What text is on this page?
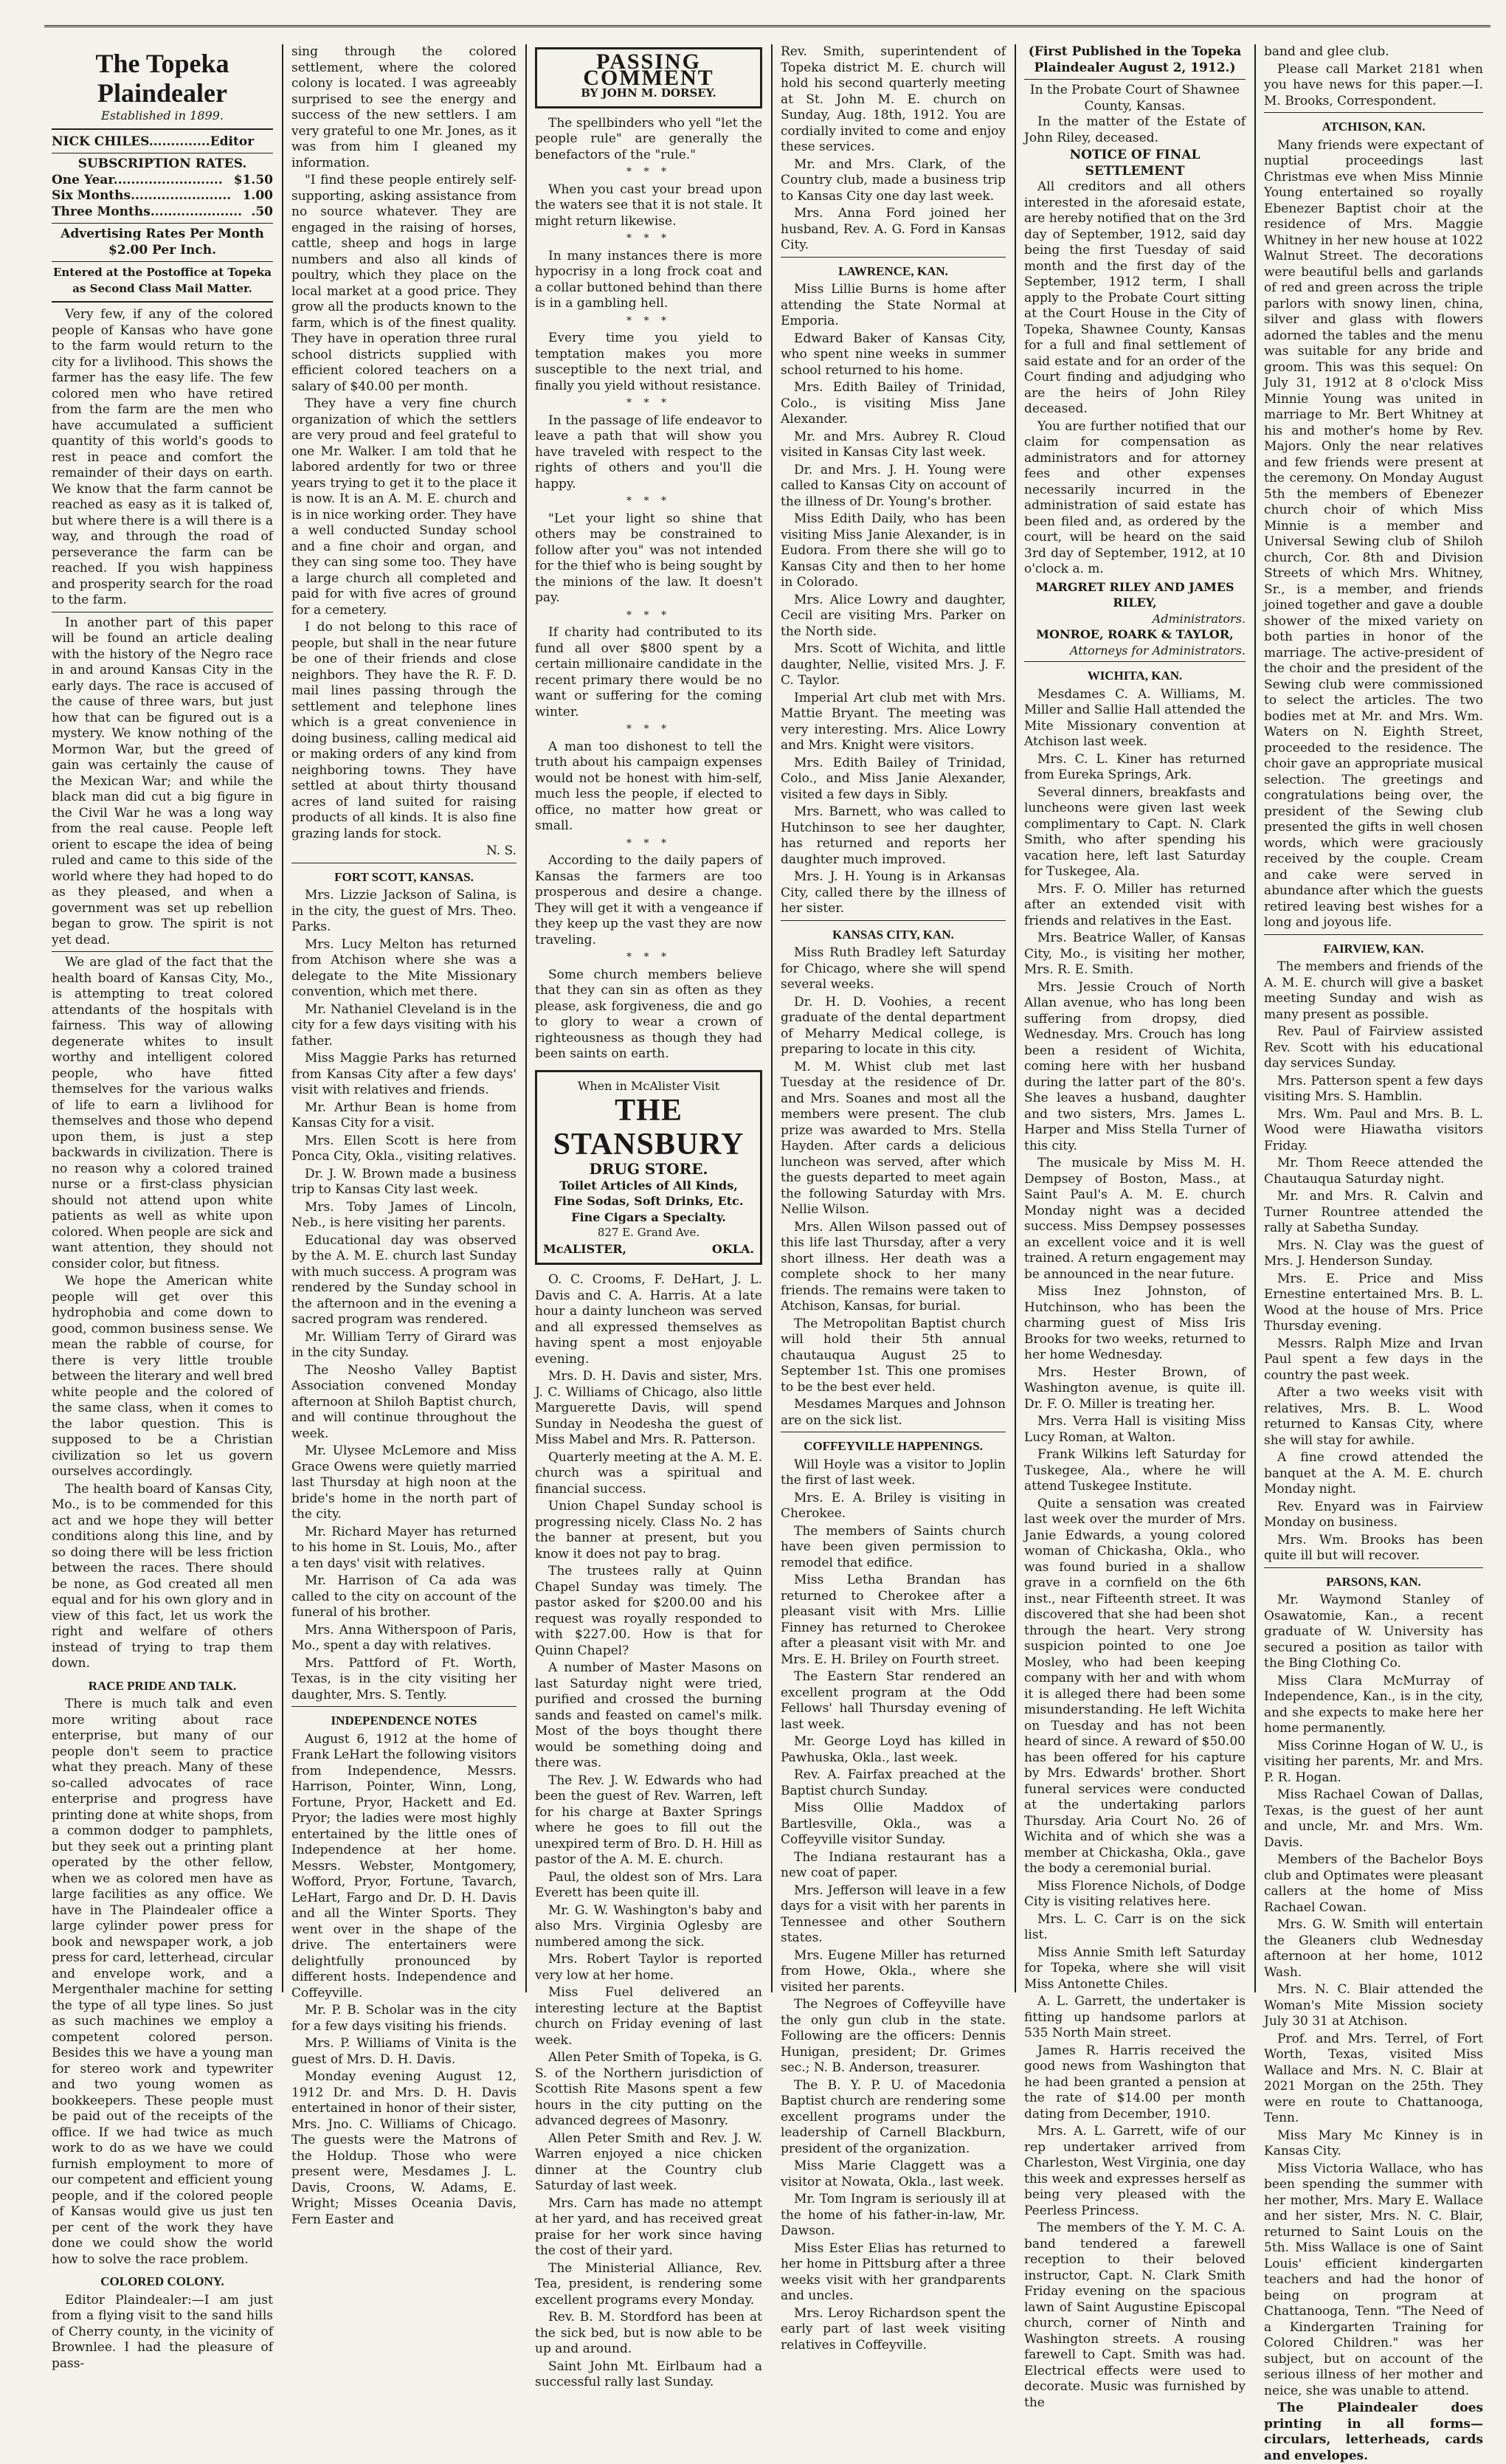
The Topeka Plaindealer
Established in 1899.
NICK CHILES..............Editor
SUBSCRIPTION RATES.
One Year......................... $1.50
Six Months....................... 1.00
Three Months..................... .50
Advertising Rates Per Month $2.00 Per Inch.
Entered at the Postoffice at Topeka as Second Class Mail Matter.

Very few, if any of the colored people of Kansas who have gone to the farm would return to the city for a livlihood. This shows the farmer has the easy life. The few colored men who have retired from the farm are the men who have accumulated a sufficient quantity of this world's goods to rest in peace and comfort the remainder of their days on earth. We know that the farm cannot be reached as easy as it is talked of, but where there is a will there is a way, and through the road of perseverance the farm can be reached. If you wish happiness and prosperity search for the road to the farm.

In another part of this paper will be found an article dealing with the history of the Negro race in and around Kansas City in the early days. The race is accused of the cause of three wars, but just how that can be figured out is a mystery. We know nothing of the Mormon War, but the greed of gain was certainly the cause of the Mexican War; and while the black man did cut a big figure in the Civil War he was a long way from the real cause. People left orient to escape the idea of being ruled and came to this side of the world where they had hoped to do as they pleased, and when a government was set up rebellion began to grow. The spirit is not yet dead.

We are glad of the fact that the health board of Kansas City, Mo., is attempting to treat colored attendants of the hospitals with fairness. This way of allowing degenerate whites to insult worthy and intelligent colored people, who have fitted themselves for the various walks of life to earn a livlihood for themselves and those who depend upon them, is just a step backwards in civilization. There is no reason why a colored trained nurse or a first-class physician should not attend upon white patients as well as white upon colored. When people are sick and want attention, they should not consider color, but fitness.

We hope the American white people will get over this hydrophobia and come down to good, common business sense. We mean the rabble of course, for there is very little trouble between the literary and well bred white people and the colored of the same class, when it comes to the labor question. This is supposed to be a Christian civilization so let us govern ourselves accordingly.

The health board of Kansas City, Mo., is to be commended for this act and we hope they will better conditions along this line, and by so doing there will be less friction between the races. There should be none, as God created all men equal and for his own glory and in view of this fact, let us work the right and welfare of others instead of trying to trap them down.

RACE PRIDE AND TALK.

There is much talk and even more writing about race enterprise, but many of our people don't seem to practice what they preach. Many of these so-called advocates of race enterprise and progress have printing done at white shops, from a common dodger to pamphlets, but they seek out a printing plant operated by the other fellow, when we as colored men have as large facilities as any office. We have in The Plaindealer office a large cylinder power press for book and newspaper work, a job press for card, letterhead, circular and envelope work, and a Mergenthaler machine for setting the type of all type lines. So just as such machines we employ a competent colored person. Besides this we have a young man for stereo work and typewriter and two young women as bookkeepers. These people must be paid out of the receipts of the office. If we had twice as much work to do as we have we could furnish employment to more of our competent and efficient young people, and if the colored people of Kansas would give us just ten per cent of the work they have done we could show the world how to solve the race problem.

COLORED COLONY.

Editor Plaindealer:—I am just from a flying visit to the sand hills of Cherry county, in the vicinity of Brownlee. I had the pleasure of pass-

sing through the colored settlement, where the colored colony is located. I was agreeably surprised to see the energy and success of the new settlers. I am very grateful to one Mr. Jones, as it was from him I gleaned my information.

"I find these people entirely self-supporting, asking assistance from no source whatever. They are engaged in the raising of horses, cattle, sheep and hogs in large numbers and also all kinds of poultry, which they place on the local market at a good price. They grow all the products known to the farm, which is of the finest quality. They have in operation three rural school districts supplied with efficient colored teachers on a salary of $40.00 per month.

They have a very fine church organization of which the settlers are very proud and feel grateful to one Mr. Walker. I am told that he labored ardently for two or three years trying to get it to the place it is now. It is an A. M. E. church and is in nice working order. They have a well conducted Sunday school and a fine choir and organ, and they can sing some too. They have a large church all completed and paid for with five acres of ground for a cemetery.

I do not belong to this race of people, but shall in the near future be one of their friends and close neighbors. They have the R. F. D. mail lines passing through the settlement and telephone lines which is a great convenience in doing business, calling medical aid or making orders of any kind from neighboring towns. They have settled at about thirty thousand acres of land suited for raising products of all kinds. It is also fine grazing lands for stock.

N. S.
FORT SCOTT, KANSAS.

Mrs. Lizzie Jackson of Salina, is in the city, the guest of Mrs. Theo. Parks.

Mrs. Lucy Melton has returned from Atchison where she was a delegate to the Mite Missionary convention, which met there.

Mr. Nathaniel Cleveland is in the city for a few days visiting with his father.

Miss Maggie Parks has returned from Kansas City after a few days' visit with relatives and friends.

Mr. Arthur Bean is home from Kansas City for a visit.

Mrs. Ellen Scott is here from Ponca City, Okla., visiting relatives.

Dr. J. W. Brown made a business trip to Kansas City last week.

Mrs. Toby James of Lincoln, Neb., is here visiting her parents.

Educational day was observed by the A. M. E. church last Sunday with much success. A program was rendered by the Sunday school in the afternoon and in the evening a sacred program was rendered.

Mr. William Terry of Girard was in the city Sunday.

The Neosho Valley Baptist Association convened Monday afternoon at Shiloh Baptist church, and will continue throughout the week.

Mr. Ulysee McLemore and Miss Grace Owens were quietly married last Thursday at high noon at the bride's home in the north part of the city.

Mr. Richard Mayer has returned to his home in St. Louis, Mo., after a ten days' visit with relatives.

Mr. Harrison of Ca ada was called to the city on account of the funeral of his brother.

Mrs. Anna Witherspoon of Paris, Mo., spent a day with relatives.

Mrs. Pattford of Ft. Worth, Texas, is in the city visiting her daughter, Mrs. S. Tently.

INDEPENDENCE NOTES

August 6, 1912 at the home of Frank LeHart the following visitors from Independence, Messrs. Harrison, Pointer, Winn, Long, Fortune, Pryor, Hackett and Ed. Pryor; the ladies were most highly entertained by the little ones of Independence at her home. Messrs. Webster, Montgomery, Wofford, Pryor, Fortune, Tavarch, LeHart, Fargo and Dr. D. H. Davis and all the Winter Sports. They went over in the shape of the drive. The entertainers were delightfully pronounced by different hosts. Independence and Coffeyville.

Mr. P. B. Scholar was in the city for a few days visiting his friends.

Mrs. P. Williams of Vinita is the guest of Mrs. D. H. Davis.

Monday evening August 12, 1912 Dr. and Mrs. D. H. Davis entertained in honor of their sister, Mrs. Jno. C. Williams of Chicago. The guests were the Matrons of the Holdup. Those who were present were, Mesdames J. L. Davis, Croons, W. Adams, E. Wright; Misses Oceania Davis, Fern Easter and

PASSING COMMENT
BY JOHN M. DORSEY.

The spellbinders who yell "let the people rule" are generally the benefactors of the "rule."

* * *

When you cast your bread upon the waters see that it is not stale. It might return likewise.

* * *

In many instances there is more hypocrisy in a long frock coat and a collar buttoned behind than there is in a gambling hell.

* * *

Every time you yield to temptation makes you more susceptible to the next trial, and finally you yield without resistance.

* * *

In the passage of life endeavor to leave a path that will show you have traveled with respect to the rights of others and you'll die happy.

* * *

"Let your light so shine that others may be constrained to follow after you" was not intended for the thief who is being sought by the minions of the law. It doesn't pay.

* * *

If charity had contributed to its fund all over $800 spent by a certain millionaire candidate in the recent primary there would be no want or suffering for the coming winter.

* * *

A man too dishonest to tell the truth about his campaign expenses would not be honest with him-self, much less the people, if elected to office, no matter how great or small.

* * *

According to the daily papers of Kansas the farmers are too prosperous and desire a change. They will get it with a vengeance if they keep up the vast they are now traveling.

* * *

Some church members believe that they can sin as often as they please, ask forgiveness, die and go to glory to wear a crown of righteousness as though they had been saints on earth.

When in McAlister Visit
THE STANSBURY
DRUG STORE.
Toilet Articles of All Kinds, Fine Sodas, Soft Drinks, Etc. Fine Cigars a Specialty.
827 E. Grand Ave.
McALISTER,	OKLA.

O. C. Crooms, F. DeHart, J. L. Davis and C. A. Harris. At a late hour a dainty luncheon was served and all expressed themselves as having spent a most enjoyable evening.

Mrs. D. H. Davis and sister, Mrs. J. C. Williams of Chicago, also little Marguerette Davis, will spend Sunday in Neodesha the guest of Miss Mabel and Mrs. R. Patterson.

Quarterly meeting at the A. M. E. church was a spiritual and financial success.

Union Chapel Sunday school is progressing nicely. Class No. 2 has the banner at present, but you know it does not pay to brag.

The trustees rally at Quinn Chapel Sunday was timely. The pastor asked for $200.00 and his request was royally responded to with $227.00. How is that for Quinn Chapel?

A number of Master Masons on last Saturday night were tried, purified and crossed the burning sands and feasted on camel's milk. Most of the boys thought there would be something doing and there was.

The Rev. J. W. Edwards who had been the guest of Rev. Warren, left for his charge at Baxter Springs where he goes to fill out the unexpired term of Bro. D. H. Hill as pastor of the A. M. E. church.

Paul, the oldest son of Mrs. Lara Everett has been quite ill.

Mr. G. W. Washington's baby and also Mrs. Virginia Oglesby are numbered among the sick.

Mrs. Robert Taylor is reported very low at her home.

Miss Fuel delivered an interesting lecture at the Baptist church on Friday evening of last week.

Allen Peter Smith of Topeka, is G. S. of the Northern jurisdiction of Scottish Rite Masons spent a few hours in the city putting on the advanced degrees of Masonry.

Allen Peter Smith and Rev. J. W. Warren enjoyed a nice chicken dinner at the Country club Saturday of last week.

Mrs. Carn has made no attempt at her yard, and has received great praise for her work since having the cost of their yard.

The Ministerial Alliance, Rev. Tea, president, is rendering some excellent programs every Monday.

Rev. B. M. Stordford has been at the sick bed, but is now able to be up and around.

Saint John Mt. Eirlbaum had a successful rally last Sunday.

Rev. Smith, superintendent of Topeka district M. E. church will hold his second quarterly meeting at St. John M. E. church on Sunday, Aug. 18th, 1912. You are cordially invited to come and enjoy these services.

Mr. and Mrs. Clark, of the Country club, made a business trip to Kansas City one day last week.

Mrs. Anna Ford joined her husband, Rev. A. G. Ford in Kansas City.

LAWRENCE, KAN.

Miss Lillie Burns is home after attending the State Normal at Emporia.

Edward Baker of Kansas City, who spent nine weeks in summer school returned to his home.

Mrs. Edith Bailey of Trinidad, Colo., is visiting Miss Jane Alexander.

Mr. and Mrs. Aubrey R. Cloud visited in Kansas City last week.

Dr. and Mrs. J. H. Young were called to Kansas City on account of the illness of Dr. Young's brother.

Miss Edith Daily, who has been visiting Miss Janie Alexander, is in Eudora. From there she will go to Kansas City and then to her home in Colorado.

Mrs. Alice Lowry and daughter, Cecil are visiting Mrs. Parker on the North side.

Mrs. Scott of Wichita, and little daughter, Nellie, visited Mrs. J. F. C. Taylor.

Imperial Art club met with Mrs. Mattie Bryant. The meeting was very interesting. Mrs. Alice Lowry and Mrs. Knight were visitors.

Mrs. Edith Bailey of Trinidad, Colo., and Miss Janie Alexander, visited a few days in Sibly.

Mrs. Barnett, who was called to Hutchinson to see her daughter, has returned and reports her daughter much improved.

Mrs. J. H. Young is in Arkansas City, called there by the illness of her sister.

KANSAS CITY, KAN.

Miss Ruth Bradley left Saturday for Chicago, where she will spend several weeks.

Dr. H. D. Voohies, a recent graduate of the dental department of Meharry Medical college, is preparing to locate in this city.

M. M. Whist club met last Tuesday at the residence of Dr. and Mrs. Soanes and most all the members were present. The club prize was awarded to Mrs. Stella Hayden. After cards a delicious luncheon was served, after which the guests departed to meet again the following Saturday with Mrs. Nellie Wilson.

Mrs. Allen Wilson passed out of this life last Thursday, after a very short illness. Her death was a complete shock to her many friends. The remains were taken to Atchison, Kansas, for burial.

The Metropolitan Baptist church will hold their 5th annual chautauqua August 25 to September 1st. This one promises to be the best ever held.

Mesdames Marques and Johnson are on the sick list.

COFFEYVILLE HAPPENINGS.

Will Hoyle was a visitor to Joplin the first of last week.

Mrs. E. A. Briley is visiting in Cherokee.

The members of Saints church have been given permission to remodel that edifice.

Miss Letha Brandan has returned to Cherokee after a pleasant visit with Mrs. Lillie Finney has returned to Cherokee after a pleasant visit with Mr. and Mrs. E. H. Briley on Fourth street.

The Eastern Star rendered an excellent program at the Odd Fellows' hall Thursday evening of last week.

Mr. George Loyd has killed in Pawhuska, Okla., last week.

Rev. A. Fairfax preached at the Baptist church Sunday.

Miss Ollie Maddox of Bartlesville, Okla., was a Coffeyville visitor Sunday.

The Indiana restaurant has a new coat of paper.

Mrs. Jefferson will leave in a few days for a visit with her parents in Tennessee and other Southern states.

Mrs. Eugene Miller has returned from Howe, Okla., where she visited her parents.

The Negroes of Coffeyville have the only gun club in the state. Following are the officers: Dennis Hunigan, president; Dr. Grimes sec.; N. B. Anderson, treasurer.

The B. Y. P. U. of Macedonia Baptist church are rendering some excellent programs under the leadership of Carnell Blackburn, president of the organization.

Miss Marie Claggett was a visitor at Nowata, Okla., last week.

Mr. Tom Ingram is seriously ill at the home of his father-in-law, Mr. Dawson.

Miss Ester Elias has returned to her home in Pittsburg after a three weeks visit with her grandparents and uncles.

Mrs. Leroy Richardson spent the early part of last week visiting relatives in Coffeyville.

(First Published in the Topeka Plaindealer August 2, 1912.)
In the Probate Court of Shawnee County, Kansas.

In the matter of the Estate of John Riley, deceased.

NOTICE OF FINAL SETTLEMENT

All creditors and all others interested in the aforesaid estate, are hereby notified that on the 3rd day of September, 1912, said day being the first Tuesday of said month and the first day of the September, 1912 term, I shall apply to the Probate Court sitting at the Court House in the City of Topeka, Shawnee County, Kansas for a full and final settlement of said estate and for an order of the Court finding and adjudging who are the heirs of John Riley deceased.

You are further notified that our claim for compensation as administrators and for attorney fees and other expenses necessarily incurred in the administration of said estate has been filed and, as ordered by the court, will be heard on the said 3rd day of September, 1912, at 10 o'clock a. m.

MARGRET RILEY AND JAMES RILEY,
Administrators.
MONROE, ROARK & TAYLOR,
Attorneys for Administrators.
WICHITA, KAN.

Mesdames C. A. Williams, M. Miller and Sallie Hall attended the Mite Missionary convention at Atchison last week.

Mrs. C. L. Kiner has returned from Eureka Springs, Ark.

Several dinners, breakfasts and luncheons were given last week complimentary to Capt. N. Clark Smith, who after spending his vacation here, left last Saturday for Tuskegee, Ala.

Mrs. F. O. Miller has returned after an extended visit with friends and relatives in the East.

Mrs. Beatrice Waller, of Kansas City, Mo., is visiting her mother, Mrs. R. E. Smith.

Mrs. Jessie Crouch of North Allan avenue, who has long been suffering from dropsy, died Wednesday. Mrs. Crouch has long been a resident of Wichita, coming here with her husband during the latter part of the 80's. She leaves a husband, daughter and two sisters, Mrs. James L. Harper and Miss Stella Turner of this city.

The musicale by Miss M. H. Dempsey of Boston, Mass., at Saint Paul's A. M. E. church Monday night was a decided success. Miss Dempsey possesses an excellent voice and it is well trained. A return engagement may be announced in the near future.

Miss Inez Johnston, of Hutchinson, who has been the charming guest of Miss Iris Brooks for two weeks, returned to her home Wednesday.

Mrs. Hester Brown, of Washington avenue, is quite ill. Dr. F. O. Miller is treating her.

Mrs. Verra Hall is visiting Miss Lucy Roman, at Walton.

Frank Wilkins left Saturday for Tuskegee, Ala., where he will attend Tuskegee Institute.

Quite a sensation was created last week over the murder of Mrs. Janie Edwards, a young colored woman of Chickasha, Okla., who was found buried in a shallow grave in a cornfield on the 6th inst., near Fifteenth street. It was discovered that she had been shot through the heart. Very strong suspicion pointed to one Joe Mosley, who had been keeping company with her and with whom it is alleged there had been some misunderstanding. He left Wichita on Tuesday and has not been heard of since. A reward of $50.00 has been offered for his capture by Mrs. Edwards' brother. Short funeral services were conducted at the undertaking parlors Thursday. Aria Court No. 26 of Wichita and of which she was a member at Chickasha, Okla., gave the body a ceremonial burial.

Miss Florence Nichols, of Dodge City is visiting relatives here.

Mrs. L. C. Carr is on the sick list.

Miss Annie Smith left Saturday for Topeka, where she will visit Miss Antonette Chiles.

A. L. Garrett, the undertaker is fitting up handsome parlors at 535 North Main street.

James R. Harris received the good news from Washington that he had been granted a pension at the rate of $14.00 per month dating from December, 1910.

Mrs. A. L. Garrett, wife of our rep undertaker arrived from Charleston, West Virginia, one day this week and expresses herself as being very pleased with the Peerless Princess.

The members of the Y. M. C. A. band tendered a farewell reception to their beloved instructor, Capt. N. Clark Smith Friday evening on the spacious lawn of Saint Augustine Episcopal church, corner of Ninth and Washington streets. A rousing farewell to Capt. Smith was had. Electrical effects were used to decorate. Music was furnished by the

band and glee club.

Please call Market 2181 when you have news for this paper.—I. M. Brooks, Correspondent.

ATCHISON, KAN.

Many friends were expectant of nuptial proceedings last Christmas eve when Miss Minnie Young entertained so royally Ebenezer Baptist choir at the residence of Mrs. Maggie Whitney in her new house at 1022 Walnut Street. The decorations were beautiful bells and garlands of red and green across the triple parlors with snowy linen, china, silver and glass with flowers adorned the tables and the menu was suitable for any bride and groom. This was this sequel: On July 31, 1912 at 8 o'clock Miss Minnie Young was united in marriage to Mr. Bert Whitney at his and mother's home by Rev. Majors. Only the near relatives and few friends were present at the ceremony. On Monday August 5th the members of Ebenezer church choir of which Miss Minnie is a member and Universal Sewing club of Shiloh church, Cor. 8th and Division Streets of which Mrs. Whitney, Sr., is a member, and friends joined together and gave a double shower of the mixed variety on both parties in honor of the marriage. The active-president of the choir and the president of the Sewing club were commissioned to select the articles. The two bodies met at Mr. and Mrs. Wm. Waters on N. Eighth Street, proceeded to the residence. The choir gave an appropriate musical selection. The greetings and congratulations being over, the president of the Sewing club presented the gifts in well chosen words, which were graciously received by the couple. Cream and cake were served in abundance after which the guests retired leaving best wishes for a long and joyous life.

FAIRVIEW, KAN.

The members and friends of the A. M. E. church will give a basket meeting Sunday and wish as many present as possible.

Rev. Paul of Fairview assisted Rev. Scott with his educational day services Sunday.

Mrs. Patterson spent a few days visiting Mrs. S. Hamblin.

Mrs. Wm. Paul and Mrs. B. L. Wood were Hiawatha visitors Friday.

Mr. Thom Reece attended the Chautauqua Saturday night.

Mr. and Mrs. R. Calvin and Turner Rountree attended the rally at Sabetha Sunday.

Mrs. N. Clay was the guest of Mrs. J. Henderson Sunday.

Mrs. E. Price and Miss Ernestine entertained Mrs. B. L. Wood at the house of Mrs. Price Thursday evening.

Messrs. Ralph Mize and Irvan Paul spent a few days in the country the past week.

After a two weeks visit with relatives, Mrs. B. L. Wood returned to Kansas City, where she will stay for awhile.

A fine crowd attended the banquet at the A. M. E. church Monday night.

Rev. Enyard was in Fairview Monday on business.

Mrs. Wm. Brooks has been quite ill but will recover.

PARSONS, KAN.

Mr. Waymond Stanley of Osawatomie, Kan., a recent graduate of W. University has secured a position as tailor with the Bing Clothing Co.

Miss Clara McMurray of Independence, Kan., is in the city, and she expects to make here her home permanently.

Miss Corinne Hogan of W. U., is visiting her parents, Mr. and Mrs. P. R. Hogan.

Miss Rachael Cowan of Dallas, Texas, is the guest of her aunt and uncle, Mr. and Mrs. Wm. Davis.

Members of the Bachelor Boys club and Optimates were pleasant callers at the home of Miss Rachael Cowan.

Mrs. G. W. Smith will entertain the Gleaners club Wednesday afternoon at her home, 1012 Wash.

Mrs. N. C. Blair attended the Woman's Mite Mission society July 30 31 at Atchison.

Prof. and Mrs. Terrel, of Fort Worth, Texas, visited Miss Wallace and Mrs. N. C. Blair at 2021 Morgan on the 25th. They were en route to Chattanooga, Tenn.

Miss Mary Mc Kinney is in Kansas City.

Miss Victoria Wallace, who has been spending the summer with her mother, Mrs. Mary E. Wallace and her sister, Mrs. N. C. Blair, returned to Saint Louis on the 5th. Miss Wallace is one of Saint Louis' efficient kindergarten teachers and had the honor of being on program at Chattanooga, Tenn. "The Need of a Kindergarten Training for Colored Children." was her subject, but on account of the serious illness of her mother and neice, she was unable to attend.

The Plaindealer does printing in all forms—circulars, letterheads, cards and envelopes.
